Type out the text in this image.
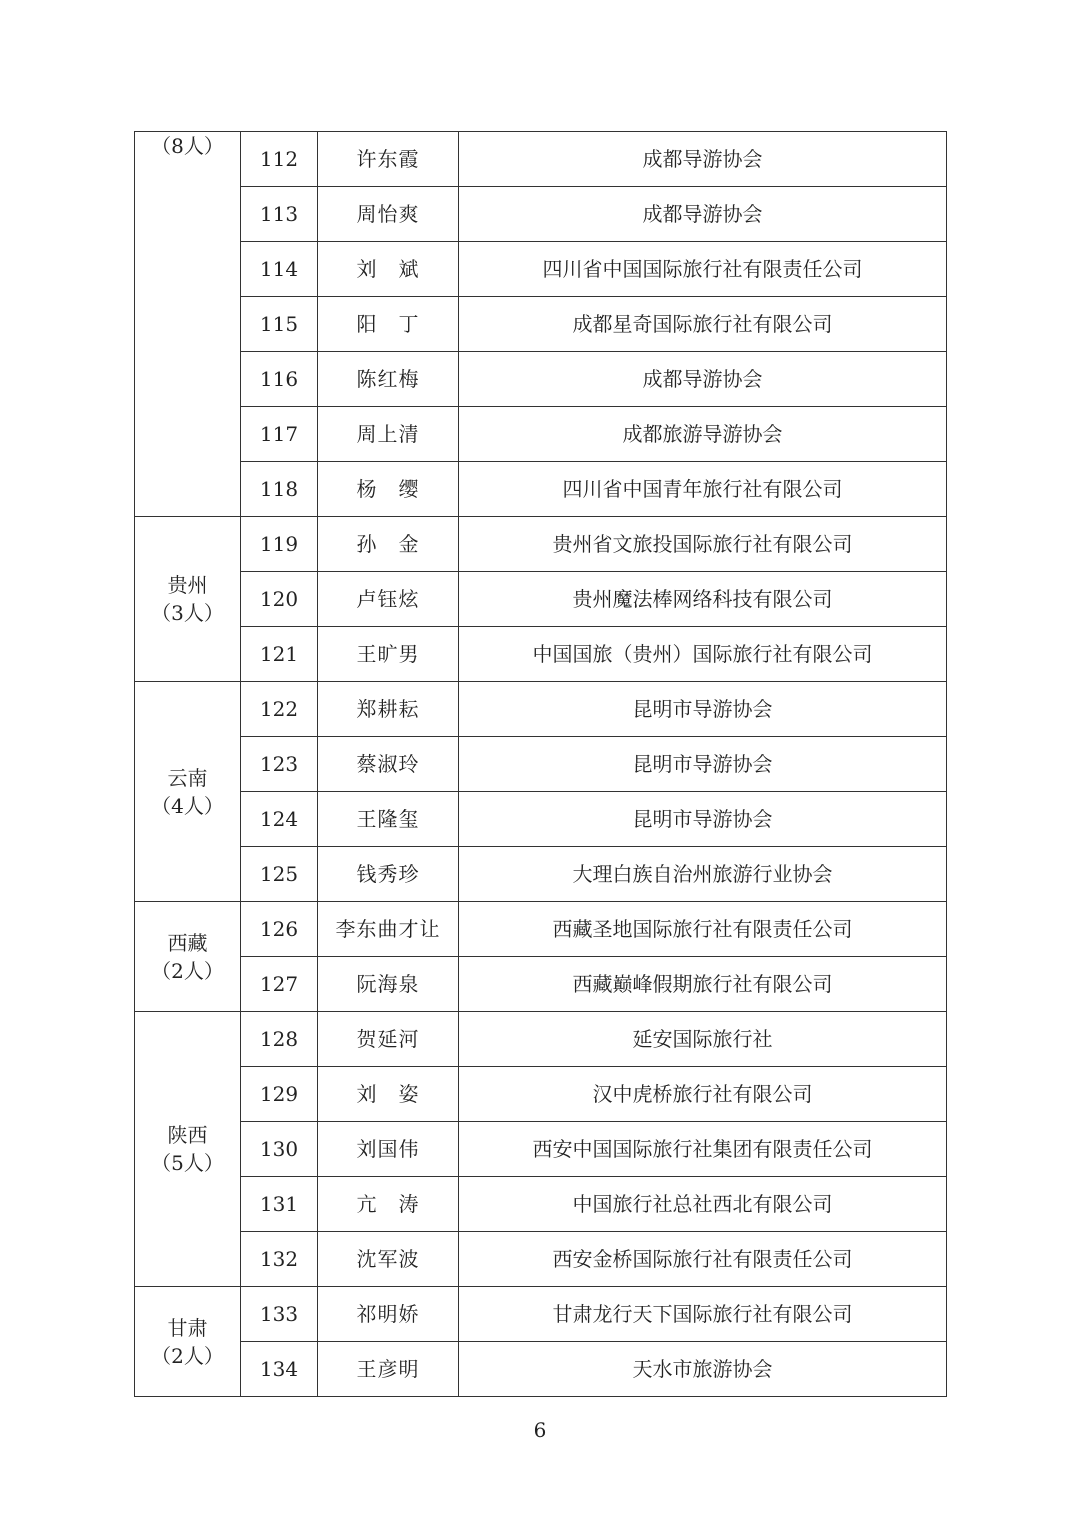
（8人）	112	许东霞	成都导游协会
	113	周怡爽	成都导游协会
	114	刘　斌	四川省中国国际旅行社有限责任公司
	115	阳　丁	成都星奇国际旅行社有限公司
	116	陈红梅	成都导游协会
	117	周上清	成都旅游导游协会
	118	杨　缨	四川省中国青年旅行社有限公司

贵州
（3人）	119	孙　金	贵州省文旅投国际旅行社有限公司
	120	卢钰炫	贵州魔法棒网络科技有限公司
	121	王旷男	中国国旅（贵州）国际旅行社有限公司

云南
（4人）	122	郑耕耘	昆明市导游协会
	123	蔡淑玲	昆明市导游协会
	124	王隆玺	昆明市导游协会
	125	钱秀珍	大理白族自治州旅游行业协会

西藏
（2人）	126	李东曲才让	西藏圣地国际旅行社有限责任公司
	127	阮海泉	西藏巅峰假期旅行社有限公司

陕西
（5人）	128	贺延河	延安国际旅行社
	129	刘　姿	汉中虎桥旅行社有限公司
	130	刘国伟	西安中国国际旅行社集团有限责任公司
	131	亢　涛	中国旅行社总社西北有限公司
	132	沈军波	西安金桥国际旅行社有限责任公司

甘肃
（2人）	133	祁明娇	甘肃龙行天下国际旅行社有限公司
	134	王彦明	天水市旅游协会
6
